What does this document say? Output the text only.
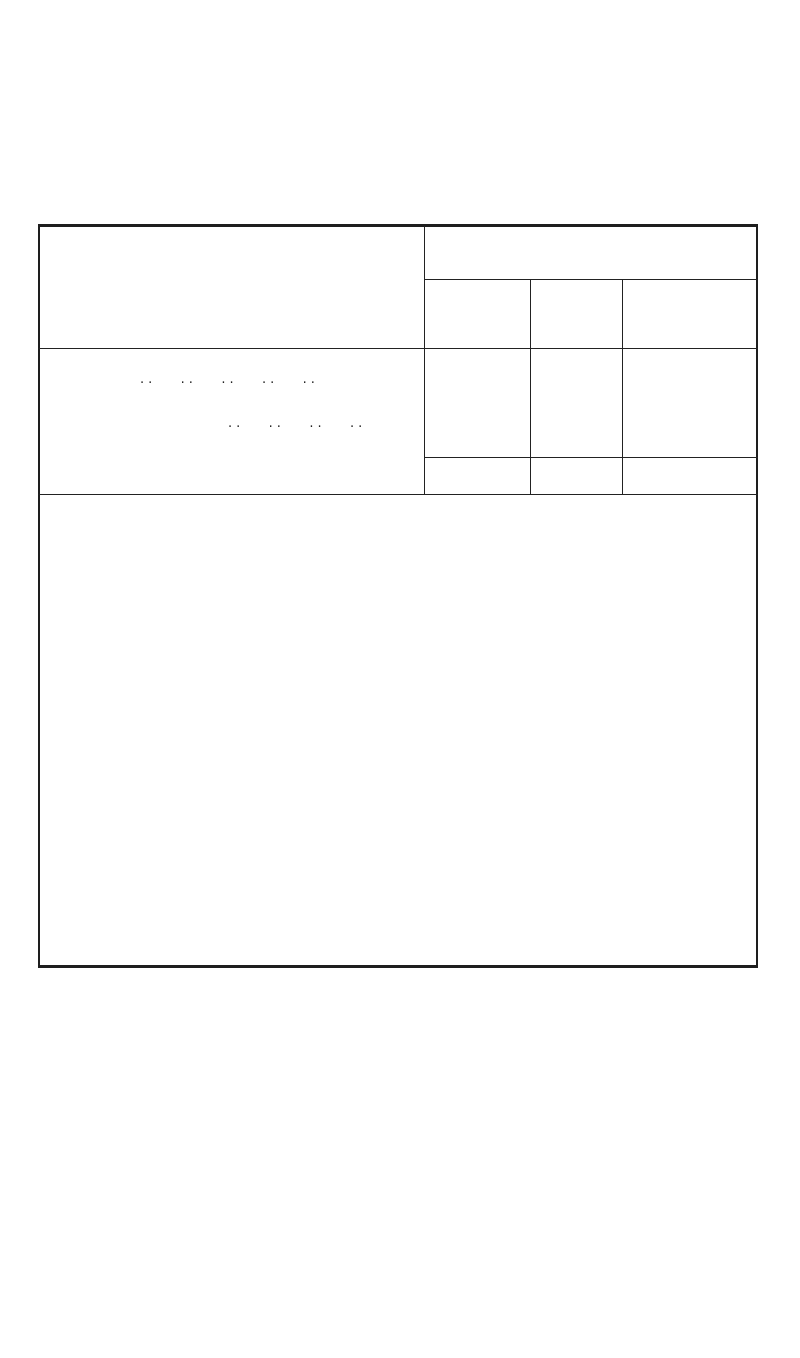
..   ..   ..   ..   ..
..   ..   ..   ..
